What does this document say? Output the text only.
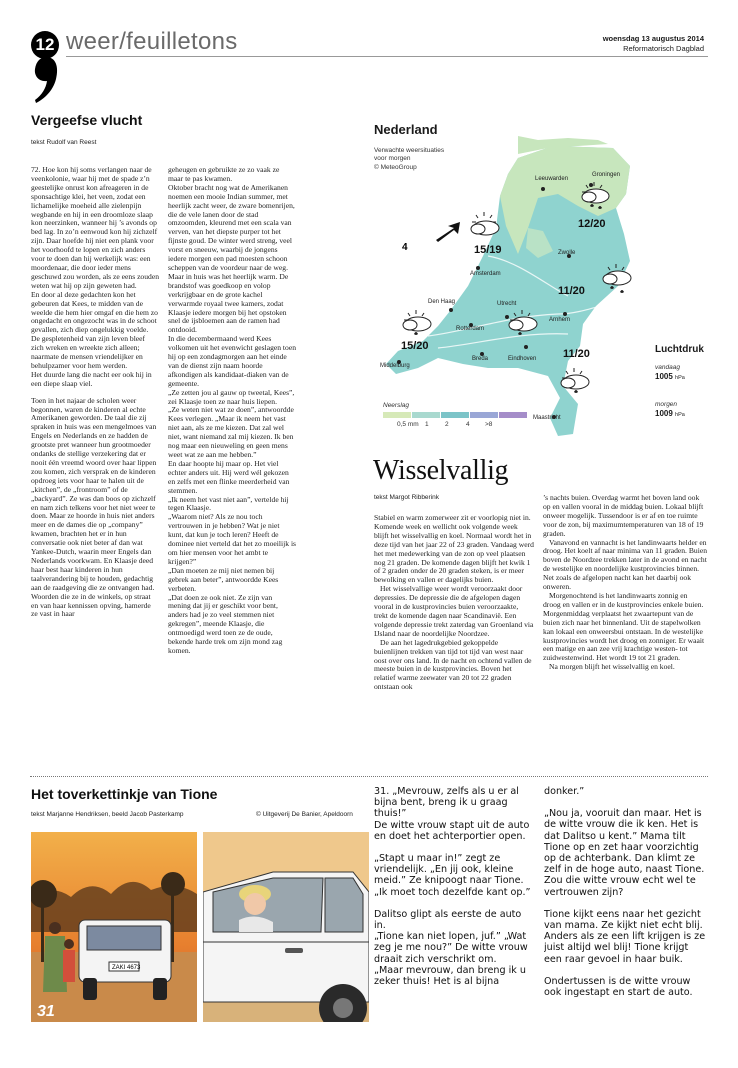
12 weer/feuilletons	woensdag 13 augustus 2014
Reformatorisch Dagblad
Vergeefse vlucht
tekst Rudolf van Reest

72. Hoe kon hij soms verlangen naar de veenkolonie, waar hij met de spade z’n geestelijke onrust kon afreageren in de sponsachtige klei, het veen, zodat een lichamelijke moeheid alle zielenpijn wegbande en hij in een droomloze slaap kon neerzinken, wanneer hij ’s avonds op bed lag. In zo’n eenwoud kon hij zichzelf zijn. Daar hoefde hij niet een plank voor het voorhoofd te lopen en zich anders voor te doen dan hij werkelijk was: een moordenaar, die door ieder mens geschuwd zou worden, als ze eens zouden weten wat hij op zijn geweten had.

En door al deze gedachten kon het gebeuren dat Kees, te midden van de weelde die hem hier omgaf en die hem zo ongedacht en ongezocht was in de schoot gevallen, zich diep ongelukkig voelde.

De gespletenheid van zijn leven bleef zich wreken en wreekte zich alleen; naarmate de mensen vriendelijker en behulpzamer voor hem werden.

Het duurde lang die nacht eer ook hij in een diepe slaap viel.

Toen in het najaar de scholen weer begonnen, waren de kinderen al echte Amerikanen geworden. De taal die zij spraken in huis was een mengelmoes van Engels en Nederlands en ze hadden de grootste pret wanneer hun grootmoeder ondanks de stellige verzekering dat er nooit één vreemd woord over haar lippen zou komen, zich versprak en de kinderen opdroeg iets voor haar te halen uit de „kitchen”, de „frontroom” of de „backyard”. Ze was dan boos op zichzelf en nam zich telkens voor het niet weer te doen. Maar ze hoorde in huis niet anders meer en de dames die op „company” kwamen, brachten het er in hun conversatie ook niet beter af dan wat Yankee-Dutch, waarin meer Engels dan Nederlands voorkwam. En Klaasje deed haar best haar kinderen in hun taalverandering bij te houden, gedachtig aan de raadgeving die ze ontvangen had. Woorden die ze in de winkels, op straat en van haar kennissen opving, hamerde ze vast in haar

geheugen en gebruikte ze zo vaak ze maar te pas kwamen.

Oktober bracht nog wat de Amerikanen noemen een mooie Indian summer, met heerlijk zacht weer, de zware bomenrijen, die de vele lanen door de stad omzoomden, kleurend met een scala van verven, van het diepste purper tot het fijnste goud. De winter werd streng, veel vorst en sneeuw, waarbij de jongens iedere morgen een pad moesten schoon scheppen van de voordeur naar de weg. Maar in huis was het heerlijk warm. De brandstof was goedkoop en volop verkrijgbaar en de grote kachel verwarmde royaal twee kamers, zodat Klaasje iedere morgen bij het opstoken snel de ijsbloemen aan de ramen had ontdooid.

In die decembermaand werd Kees volkomen uit het evenwicht geslagen toen hij op een zondagmorgen aan het einde van de dienst zijn naam hoorde afkondigen als kandidaat-diaken van de gemeente.

„Ze zetten jou al gauw op tweetal, Kees”, zei Klaasje toen ze naar huis liepen.

„Ze weten niet wat ze doen”, antwoordde Kees verlegen. „Maar ik neem het vast niet aan, als ze me kiezen. Dat zal wel niet, want niemand zal mij kiezen. Ik ben nog maar een nieuweling en geen mens weet wat ze aan me hebben.”

En daar hoopte hij maar op. Het viel echter anders uit. Hij werd wél gekozen en zelfs met een flinke meerderheid van stemmen.

„Ik neem het vast niet aan”, vertelde hij tegen Klaasje.

„Waarom niet? Als ze nou toch vertrouwen in je hebben? Wat je niet kunt, dat kun je toch leren? Heeft de dominee niet verteld dat het zo moeilijk is om hier mensen voor het ambt te krijgen?”

„Dan moeten ze mij niet nemen bij gebrek aan beter”, antwoordde Kees verbeten.

„Dat doen ze ook niet. Ze zijn van mening dat jij er geschikt voor bent, anders had je zo veel stemmen niet gekregen”, meende Klaasje, die ontmoedigd werd toen ze de oude, bekende harde trek om zijn mond zag komen.

Nederland
Verwachte weersituaties voor morgen
© MeteoGroup
4
Leeuwarden
Groningen
Zwolle
Amsterdam
Den Haag	Utrecht
Rotterdam
Arnhem
Breda	Eindhoven
Middelburg
Maastricht
12/20
15/19
11/20
15/20
11/20
Neerslag
0,5 mm 1	2	4 >8
Luchtdruk
vandaag
1005 hPa
morgen
1009 hPa
Wisselvallig
tekst Margot Ribberink

Stabiel en warm zomerweer zit er voorlopig niet in. Komende week en wellicht ook volgende week blijft het wisselvallig en koel. Normaal wordt het in deze tijd van het jaar 22 of 23 graden. Vandaag werd het met medewerking van de zon op veel plaatsen nog 21 graden. De komende dagen blijft het kwik 1 of 2 graden onder de 20 graden steken, is er meer bewolking en vallen er dagelijks buien.

Het wisselvallige weer wordt veroorzaakt door depressies. De depressie die de afgelopen dagen vooral in de kustprovincies buien veroorzaakte, trekt de komende dagen naar Scandinavië. Een volgende depressie trekt zaterdag van Groenland via IJsland naar de noordelijke Noordzee.

De aan het lagedrukgebied gekoppelde buienlijnen trekken van tijd tot tijd van west naar oost over ons land. In de nacht en ochtend vallen de meeste buien in de kustprovincies. Boven het relatief warme zeewater van 20 tot 22 graden ontstaan ook

’s nachts buien. Overdag warmt het boven land ook op en vallen vooral in de middag buien. Lokaal blijft onweer mogelijk. Tussendoor is er af en toe ruimte voor de zon, bij maximumtemperaturen van 18 of 19 graden.

Vanavond en vannacht is het landinwaarts helder en droog. Het koelt af naar minima van 11 graden. Buien boven de Noordzee trekken later in de avond en nacht de westelijke en noordelijke kustprovincies binnen. Net zoals de afgelopen nacht kan het daarbij ook onweren.

Morgenochtend is het landinwaarts zonnig en droog en vallen er in de kustprovincies enkele buien. Morgenmiddag verplaatst het zwaartepunt van de buien zich naar het binnenland. Uit de stapelwolken kan lokaal een onweersbui ontstaan. In de westelijke kustprovincies wordt het droog en zonniger. Er waait een matige en aan zee vrij krachtige westen- tot zuidwestenwind. Het wordt 19 tot 21 graden.

Na morgen blijft het wisselvallig en koel.

Het toverkettinkje van Tione
tekst Marjanne Hendriksen, beeld Jacob Pasterkamp	© Uitgeverij De Banier, Apeldoorn
ZAKI 4673
31

31. „Mevrouw, zelfs als u er al bijna bent, breng ik u graag thuis!”

De witte vrouw stapt uit de auto en doet het achterportier open.

„Stapt u maar in!” zegt ze vriendelijk. „En jij ook, kleine meid.” Ze knipoogt naar Tione. „Ik moet toch dezelfde kant op.”

Dalitso glipt als eerste de auto in.

„Tione kan niet lopen, juf.” „Wat zeg je me nou?” De witte vrouw draait zich verschrikt om.

„Maar mevrouw, dan breng ik u zeker thuis! Het is al bijna

donker.”

„Nou ja, vooruit dan maar. Het is de witte vrouw die ik ken. Het is dat Dalitso u kent.” Mama tilt Tione op en zet haar voorzichtig op de achterbank. Dan klimt ze zelf in de hoge auto, naast Tione.

Zou die witte vrouw echt wel te vertrouwen zijn?

Tione kijkt eens naar het gezicht van mama. Ze kijkt niet echt blij. Anders als ze een lift krijgen is ze juist altijd wel blij! Tione krijgt een raar gevoel in haar buik.

Ondertussen is de witte vrouw ook ingestapt en start de auto.
